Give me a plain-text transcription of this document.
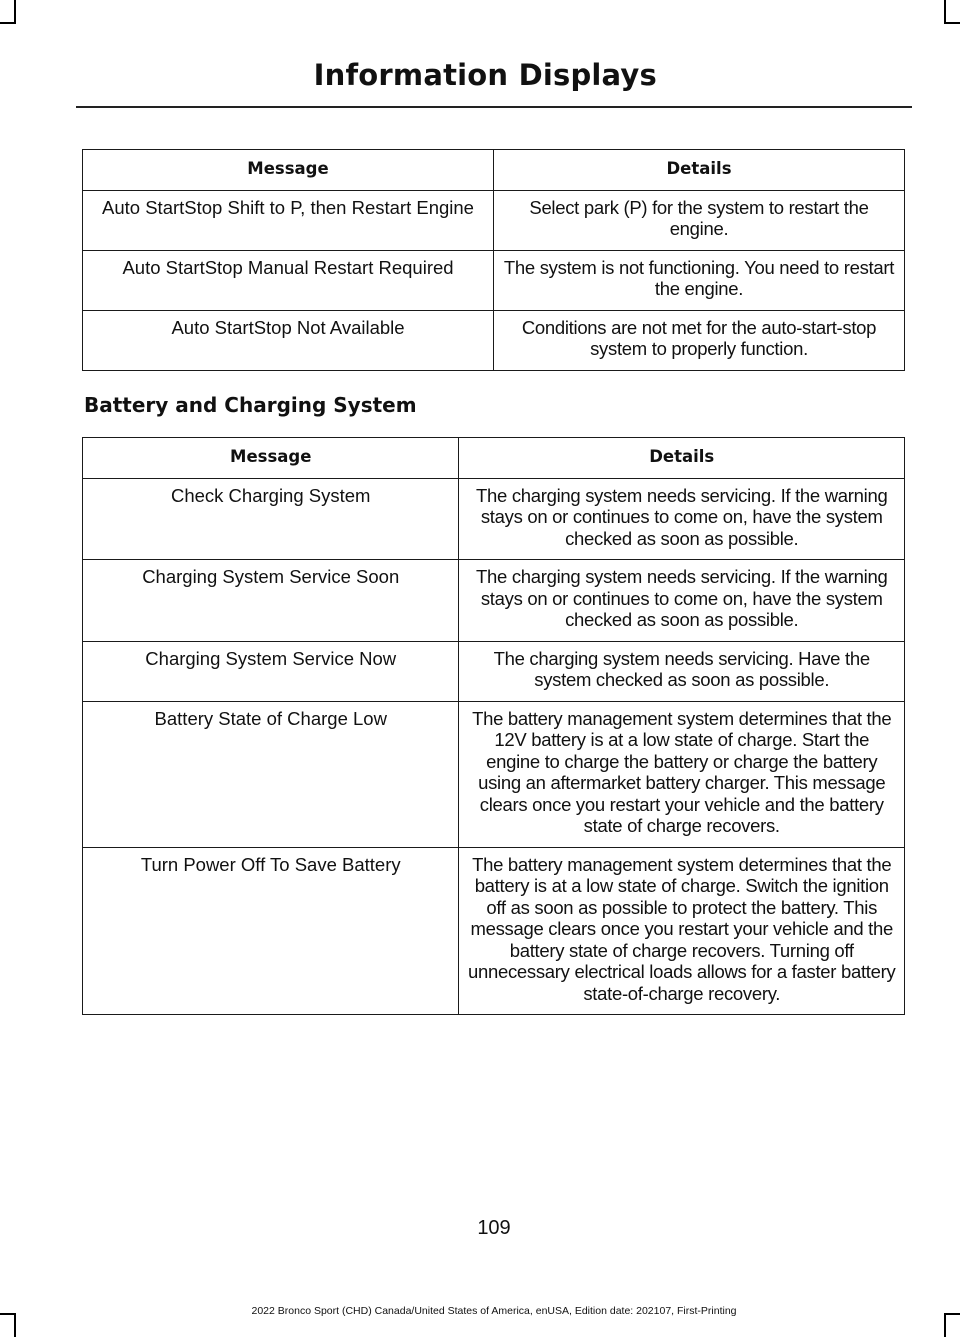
Information Displays
Message	Details
Auto StartStop Shift to P, then Restart Engine	Select park (P) for the system to restart the engine.
Auto StartStop Manual Restart Required	The system is not functioning. You need to restart the engine.
Auto StartStop Not Available	Conditions are not met for the auto-start-stop system to properly function.
Battery and Charging System
Message	Details
Check Charging System	The charging system needs servicing. If the warning stays on or continues to come on, have the system checked as soon as possible.
Charging System Service Soon	The charging system needs servicing. If the warning stays on or continues to come on, have the system checked as soon as possible.
Charging System Service Now	The charging system needs servicing. Have the system checked as soon as possible.
Battery State of Charge Low	The battery management system determines that the 12V battery is at a low state of charge. Start the engine to charge the battery or charge the battery using an aftermarket battery charger. This message clears once you restart your vehicle and the battery state of charge recovers.
Turn Power Off To Save Battery	The battery management system determines that the battery is at a low state of charge. Switch the ignition off as soon as possible to protect the battery. This message clears once you restart your vehicle and the battery state of charge recovers. Turning off unnecessary electrical loads allows for a faster battery state-of-charge recovery.
109
2022 Bronco Sport (CHD) Canada/United States of America, enUSA, Edition date: 202107, First-Printing
